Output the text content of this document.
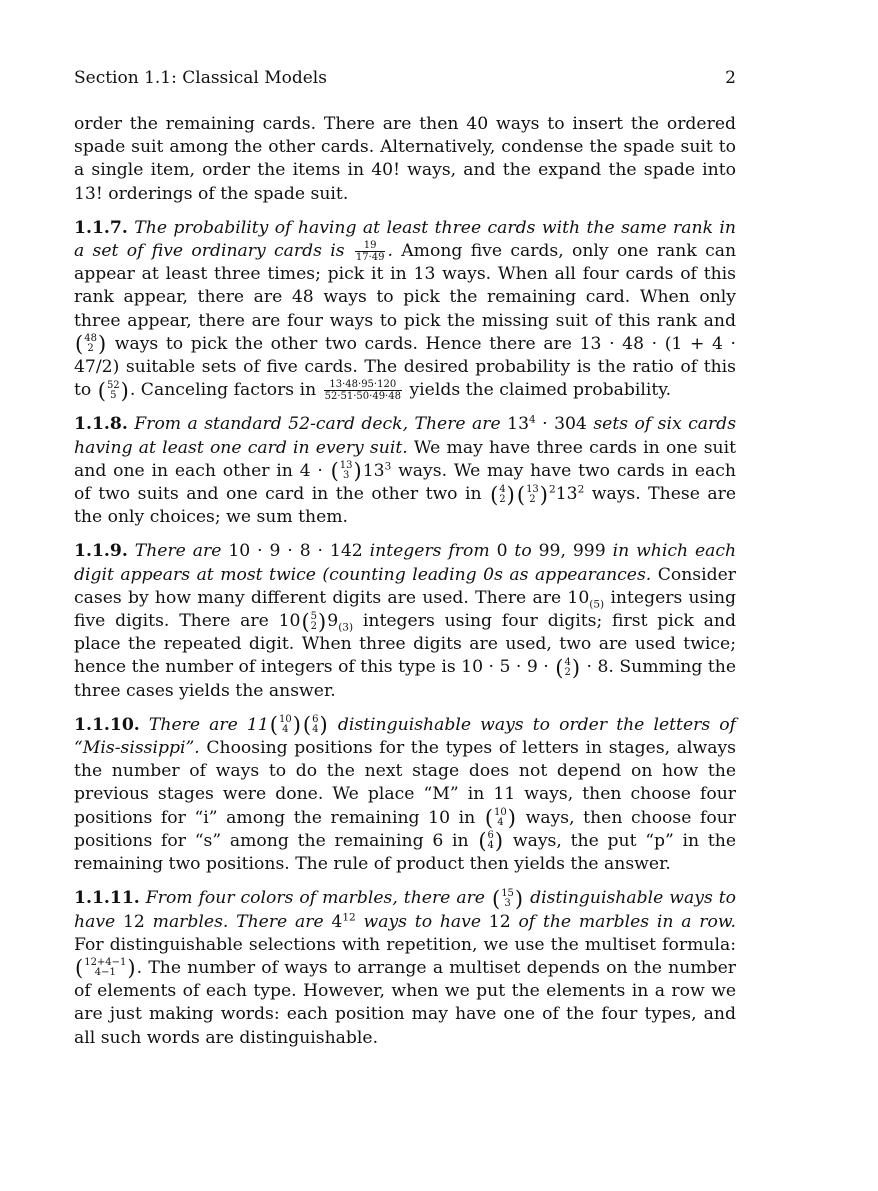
Section 1.1: Classical Models	2

order the remaining cards. There are then 40 ways to insert the ordered spade suit among the other cards. Alternatively, condense the spade suit to a single item, order the items in 40! ways, and the expand the spade into 13! orderings of the spade suit.

1.1.7. The probability of having at least three cards with the same rank in a set of five ordinary cards is $\frac{19}{17\cdot 49}$ . Among five cards, only one rank can appear at least three times; pick it in 13 ways. When all four cards of this rank appear, there are 48 ways to pick the remaining card. When only three appear, there are four ways to pick the missing suit of this rank and
( 48
2 ) ways to pick the other two cards. Hence there are 13 · 48 · (1 + 4 · 47/2) suitable sets of five cards. The desired probability is the ratio of this to ( 52
5 ) . Canceling factors in $\frac{13\cdot 48\cdot 95\cdot 120}{52\cdot 51\cdot 50\cdot 49\cdot 48}$ yields the claimed probability.

1.1.8. From a standard 52-card deck, There are $13^4 \cdot 304$ sets of six cards having at least one card in every suit. We may have three cards in one suit and one in each other in 4 · ( 13
3 ) $13^3$ ways. We may have two cards in each of two suits and one card in the other two in ( 4
2 ) ( 13
2 ) $^213^2$ ways. These are the only choices; we sum them.

1.1.9. There are 10 · 9 · 8 · 142 integers from 0 to 99, 999 in which each digit appears at most twice (counting leading 0s as appearances. Consider cases by how many different digits are used. There are $10_{(5)}$ integers using five digits. There are 10 ( 5
2 ) $9_{(3)}$ integers using four digits; first pick and place the repeated digit. When three digits are used, two are used twice; hence the number of integers of this type is 10 · 5 · 9 · ( 4
2 ) · 8. Summing the three cases yields the answer.

1.1.10. There are 11 ( 10
4 ) ( 6
4 ) distinguishable ways to order the letters of “Mis-sissippi”. Choosing positions for the types of letters in stages, always the number of ways to do the next stage does not depend on how the previous stages were done. We place “M” in 11 ways, then choose four positions for “i” among the remaining 10 in ( 10
4 ) ways, then choose four positions for “s” among the remaining 6 in ( 6
4 ) ways, the put “p” in the remaining two positions. The rule of product then yields the answer.

1.1.11. From four colors of marbles, there are ( 15
3 ) distinguishable ways to have 12 marbles. There are $4^{12}$ ways to have 12 of the marbles in a row. For distinguishable selections with repetition, we use the multiset formula:
( 12+4−1
4−1 ) . The number of ways to arrange a multiset depends on the number of elements of each type. However, when we put the elements in a row we are just making words: each position may have one of the four types, and all such words are distinguishable.
